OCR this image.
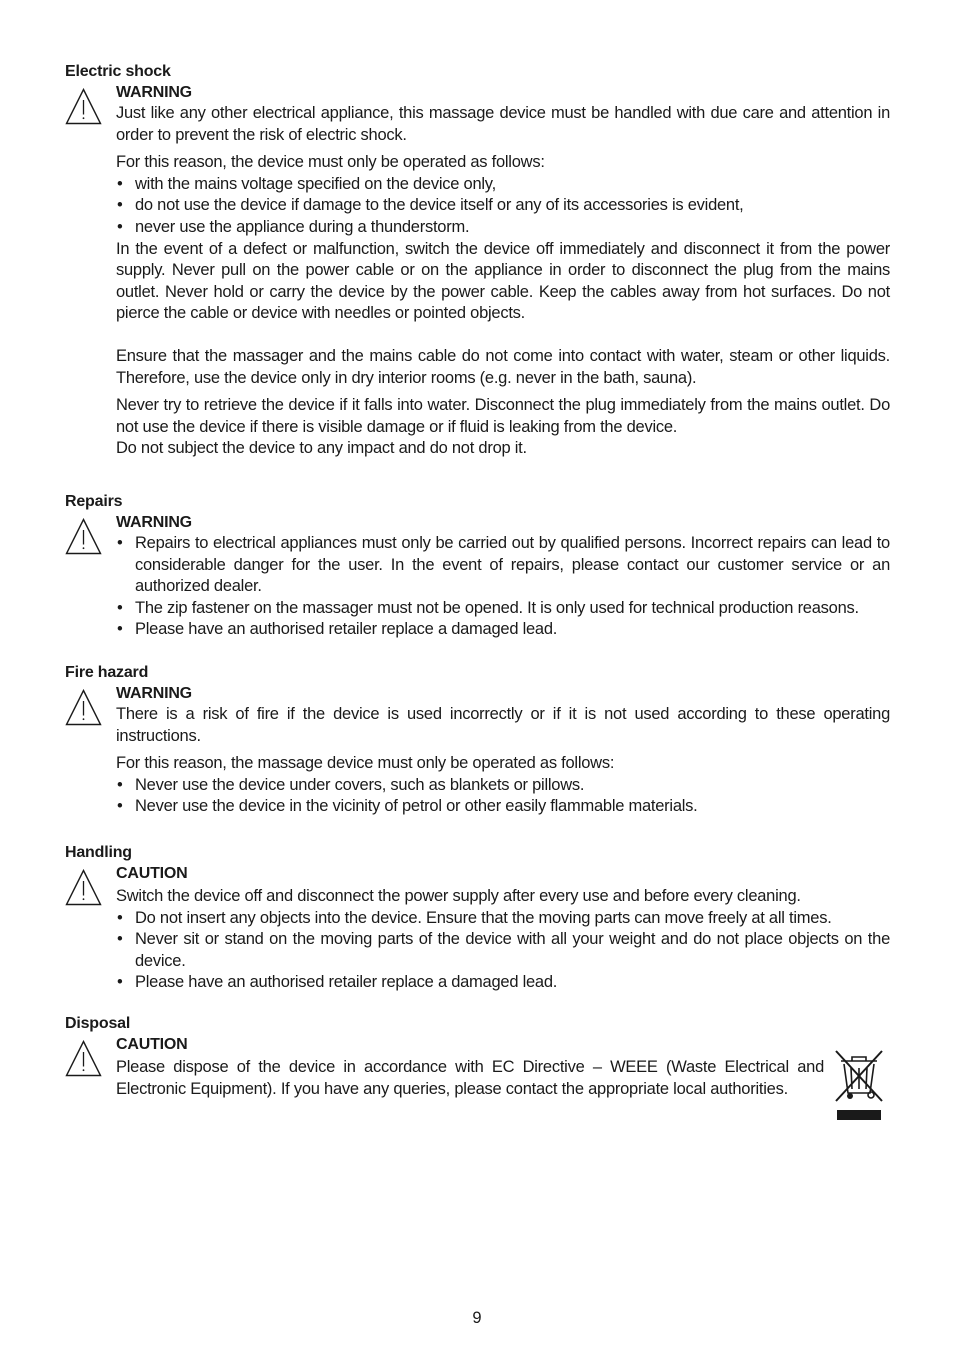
Electric shock
WARNING

Just like any other electrical appliance, this massage device must be handled with due care and attention in order to prevent the risk of electric shock.

For this reason, the device must only be operated as follows:

• with the mains voltage specified on the device only,
• do not use the device if damage to the device itself or any of its accessories is evident,
• never use the appliance during a thunderstorm.

In the event of a defect or malfunction, switch the device off immediately and disconnect it from the power supply. Never pull on the power cable or on the appliance in order to disconnect the plug from the mains outlet. Never hold or carry the device by the power cable. Keep the cables away from hot surfaces. Do not pierce the cable or device with needles or pointed objects.

Ensure that the massager and the mains cable do not come into contact with water, steam or other liquids. Therefore, use the device only in dry interior rooms (e.g. never in the bath, sauna).

Never try to retrieve the device if it falls into water. Disconnect the plug immediately from the mains outlet. Do not use the device if there is visible damage or if fluid is leaking from the device.

Do not subject the device to any impact and do not drop it.

Repairs
WARNING
• Repairs to electrical appliances must only be carried out by qualified persons. Incorrect repairs can lead to considerable danger for the user. In the event of repairs, please contact our customer service or an authorized dealer.
• The zip fastener on the massager must not be opened. It is only used for technical production reasons.
• Please have an authorised retailer replace a damaged lead.
Fire hazard
WARNING

There is a risk of fire if the device is used incorrectly or if it is not used according to these operating instructions.

For this reason, the massage device must only be operated as follows:

• Never use the device under covers, such as blankets or pillows.
• Never use the device in the vicinity of petrol or other easily flammable materials.
Handling
CAUTION

Switch the device off and disconnect the power supply after every use and before every cleaning.

• Do not insert any objects into the device. Ensure that the moving parts can move freely at all times.
• Never sit or stand on the moving parts of the device with all your weight and do not place objects on the device.
• Please have an authorised retailer replace a damaged lead.
Disposal
CAUTION

Please dispose of the device in accordance with EC Directive – WEEE (Waste Electrical and Electronic Equipment). If you have any queries, please contact the appropriate local authorities.

9
